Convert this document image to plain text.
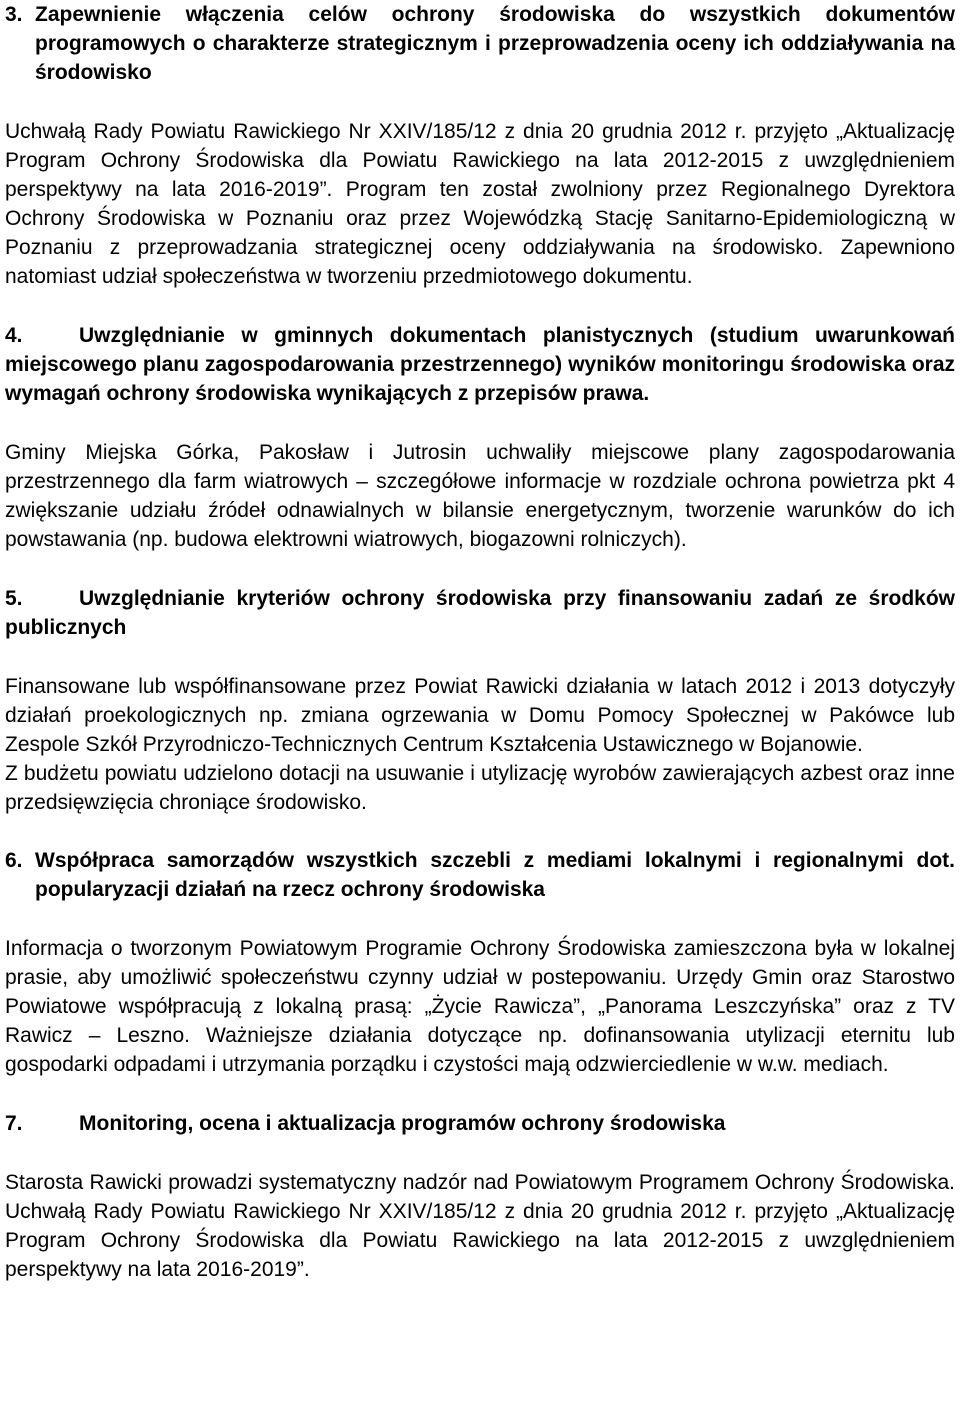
3. Zapewnienie włączenia celów ochrony środowiska do wszystkich dokumentów programowych o charakterze strategicznym i przeprowadzenia oceny ich oddziaływania na środowisko

Uchwałą Rady Powiatu Rawickiego Nr XXIV/185/12 z dnia 20 grudnia 2012 r. przyjęto „Aktualizację Program Ochrony Środowiska dla Powiatu Rawickiego na lata 2012-2015 z uwzględnieniem perspektywy na lata 2016-2019”. Program ten został zwolniony przez Regionalnego Dyrektora Ochrony Środowiska w Poznaniu oraz przez Wojewódzką Stację Sanitarno-Epidemiologiczną w Poznaniu z przeprowadzania strategicznej oceny oddziaływania na środowisko. Zapewniono natomiast udział społeczeństwa w tworzeniu przedmiotowego dokumentu.

4.	Uwzględnianie w gminnych dokumentach planistycznych (studium uwarunkowań miejscowego planu zagospodarowania przestrzennego) wyników monitoringu środowiska oraz wymagań ochrony środowiska wynikających z przepisów prawa.

Gminy Miejska Górka, Pakosław i Jutrosin uchwaliły miejscowe plany zagospodarowania przestrzennego dla farm wiatrowych – szczegółowe informacje w rozdziale ochrona powietrza pkt 4 zwiększanie udziału źródeł odnawialnych w bilansie energetycznym, tworzenie warunków do ich powstawania (np. budowa elektrowni wiatrowych, biogazowni rolniczych).

5.	Uwzględnianie kryteriów ochrony środowiska przy finansowaniu zadań ze środków publicznych

Finansowane lub współfinansowane przez Powiat Rawicki działania w latach 2012 i 2013 dotyczyły działań proekologicznych np. zmiana ogrzewania w Domu Pomocy Społecznej w Pakówce lub Zespole Szkół Przyrodniczo-Technicznych Centrum Kształcenia Ustawicznego w Bojanowie.

Z budżetu powiatu udzielono dotacji na usuwanie i utylizację wyrobów zawierających azbest oraz inne przedsięwzięcia chroniące środowisko.

6. Współpraca samorządów wszystkich szczebli z mediami lokalnymi i regionalnymi dot. popularyzacji działań na rzecz ochrony środowiska

Informacja o tworzonym Powiatowym Programie Ochrony Środowiska zamieszczona była w lokalnej prasie, aby umożliwić społeczeństwu czynny udział w postepowaniu. Urzędy Gmin oraz Starostwo Powiatowe współpracują z lokalną prasą: „Życie Rawicza”, „Panorama Leszczyńska” oraz z TV Rawicz – Leszno. Ważniejsze działania dotyczące np. dofinansowania utylizacji eternitu lub gospodarki odpadami i utrzymania porządku i czystości mają odzwierciedlenie w w.w. mediach.

7.	Monitoring, ocena i aktualizacja programów ochrony środowiska

Starosta Rawicki prowadzi systematyczny nadzór nad Powiatowym Programem Ochrony Środowiska. Uchwałą Rady Powiatu Rawickiego Nr XXIV/185/12 z dnia 20 grudnia 2012 r. przyjęto „Aktualizację Program Ochrony Środowiska dla Powiatu Rawickiego na lata 2012-2015 z uwzględnieniem perspektywy na lata 2016-2019”.
